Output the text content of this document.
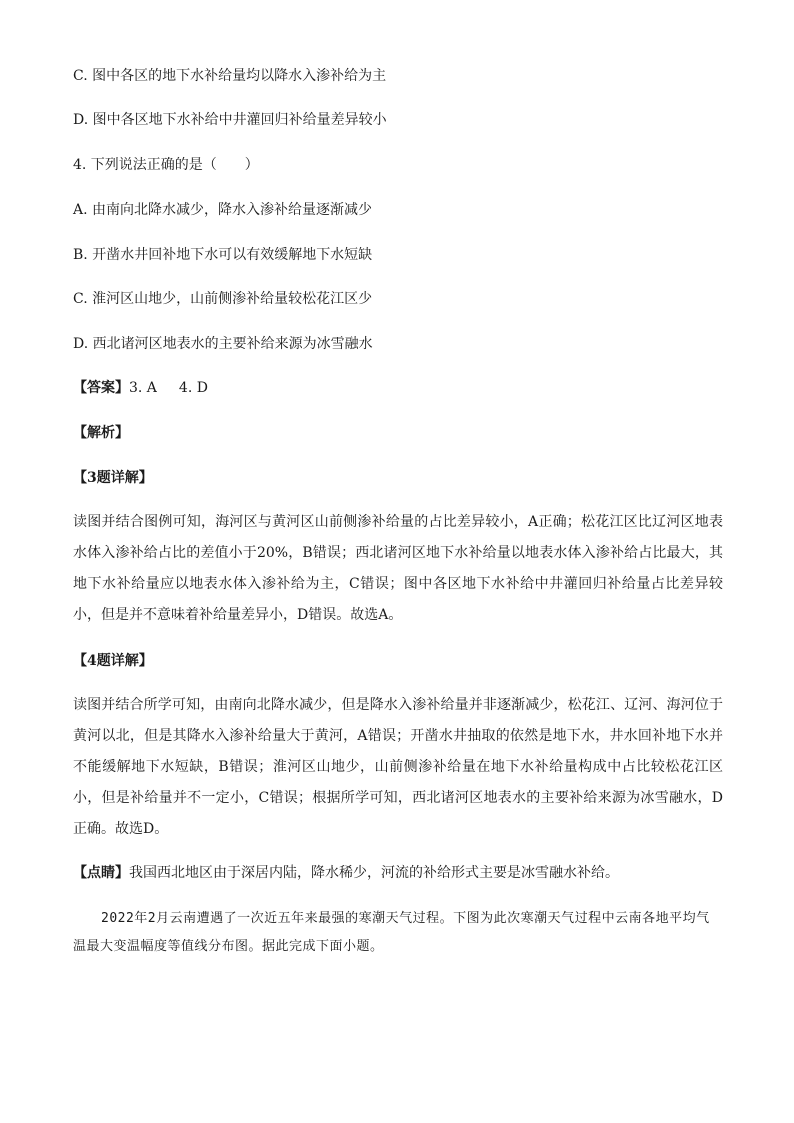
C. 图中各区的地下水补给量均以降水入渗补给为主
D. 图中各区地下水补给中井灌回归补给量差异较小
4. 下列说法正确的是（　　）
A. 由南向北降水减少，降水入渗补给量逐渐减少
B. 开凿水井回补地下水可以有效缓解地下水短缺
C. 淮河区山地少，山前侧渗补给量较松花江区少
D. 西北诸河区地表水的主要补给来源为冰雪融水
【答案】3. A 4. D
【解析】
【3题详解】
读图并结合图例可知，海河区与黄河区山前侧渗补给量的占比差异较小，A正确；松花江区比辽河区地表水体入渗补给占比的差值小于20%，B错误；西北诸河区地下水补给量以地表水体入渗补给占比最大，其地下水补给量应以地表水体入渗补给为主，C错误；图中各区地下水补给中井灌回归补给量占比差异较小，但是并不意味着补给量差异小，D错误。故选A。
【4题详解】
读图并结合所学可知，由南向北降水减少，但是降水入渗补给量并非逐渐减少，松花江、辽河、海河位于黄河以北，但是其降水入渗补给量大于黄河，A错误；开凿水井抽取的依然是地下水，井水回补地下水并不能缓解地下水短缺，B错误；淮河区山地少，山前侧渗补给量在地下水补给量构成中占比较松花江区小，但是补给量并不一定小，C错误；根据所学可知，西北诸河区地表水的主要补给来源为冰雪融水，D正确。故选D。
【点睛】我国西北地区由于深居内陆，降水稀少，河流的补给形式主要是冰雪融水补给。
2022年2月云南遭遇了一次近五年来最强的寒潮天气过程。下图为此次寒潮天气过程中云南各地平均气温最大变温幅度等值线分布图。据此完成下面小题。
